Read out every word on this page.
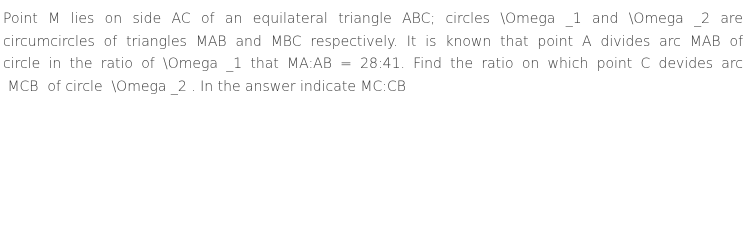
Point M lies on side AC of an equilateral triangle ABC; circles \Omega _1 and \Omega _2 are
circumcircles of triangles MAB and MBC respectively. It is known that point A divides arc MAB of
circle in the ratio of \Omega _1 that MA:AB = 28:41. Find the ratio on which point C devides arc
MCB  of circle  \Omega _2 . In the answer indicate MC:CB
